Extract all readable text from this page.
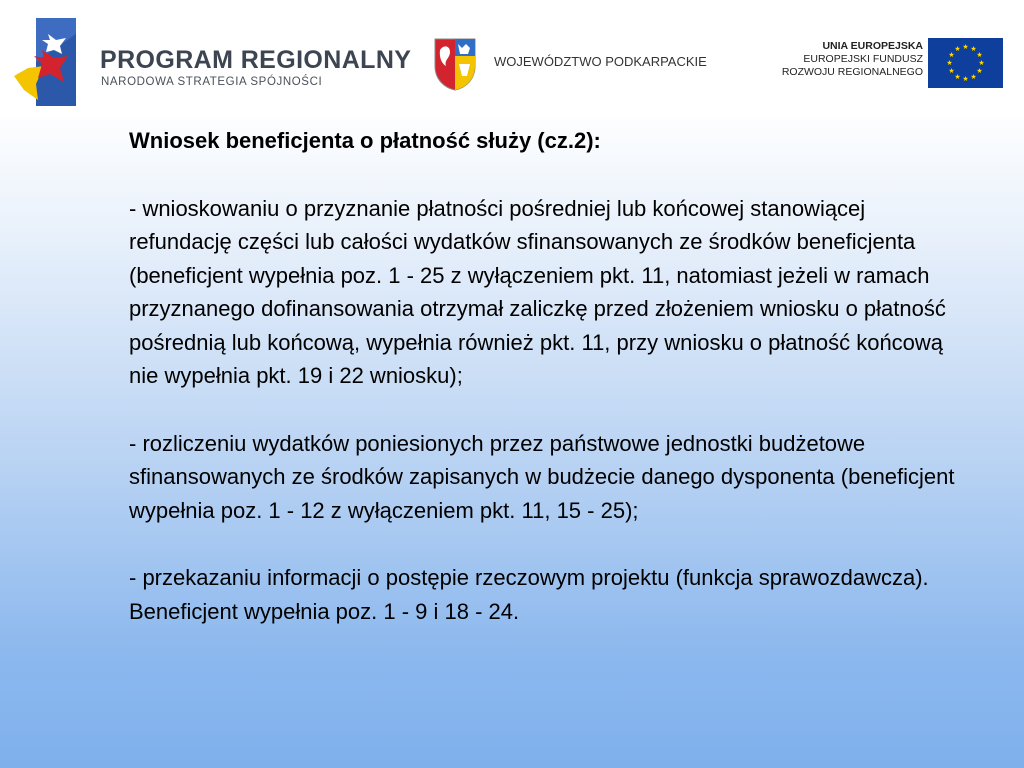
PROGRAM REGIONALNY
NARODOWA STRATEGIA SPÓJNOŚCI
WOJEWÓDZTWO PODKARPACKIE
UNIA EUROPEJSKA
EUROPEJSKI FUNDUSZ
ROZWOJU REGIONALNEGO
★ ★
★
★
★
★
★
★
★
★
★
★

Wniosek beneficjenta o płatność służy (cz.2):

- wnioskowaniu o przyznanie płatności pośredniej lub końcowej stanowiącej refundację części lub całości wydatków sfinansowanych ze środków beneficjenta (beneficjent wypełnia poz. 1 - 25 z wyłączeniem pkt. 11, natomiast jeżeli w ramach przyznanego dofinansowania otrzymał zaliczkę przed złożeniem wniosku o płatność pośrednią lub końcową, wypełnia również pkt. 11, przy wniosku o płatność końcową nie wypełnia pkt. 19 i 22 wniosku);

- rozliczeniu wydatków poniesionych przez państwowe jednostki budżetowe sfinansowanych ze środków zapisanych w budżecie danego dysponenta (beneficjent wypełnia poz. 1 - 12 z wyłączeniem pkt. 11, 15 - 25);

- przekazaniu informacji o postępie rzeczowym projektu (funkcja sprawozdawcza). Beneficjent wypełnia poz. 1 - 9 i 18 - 24.
